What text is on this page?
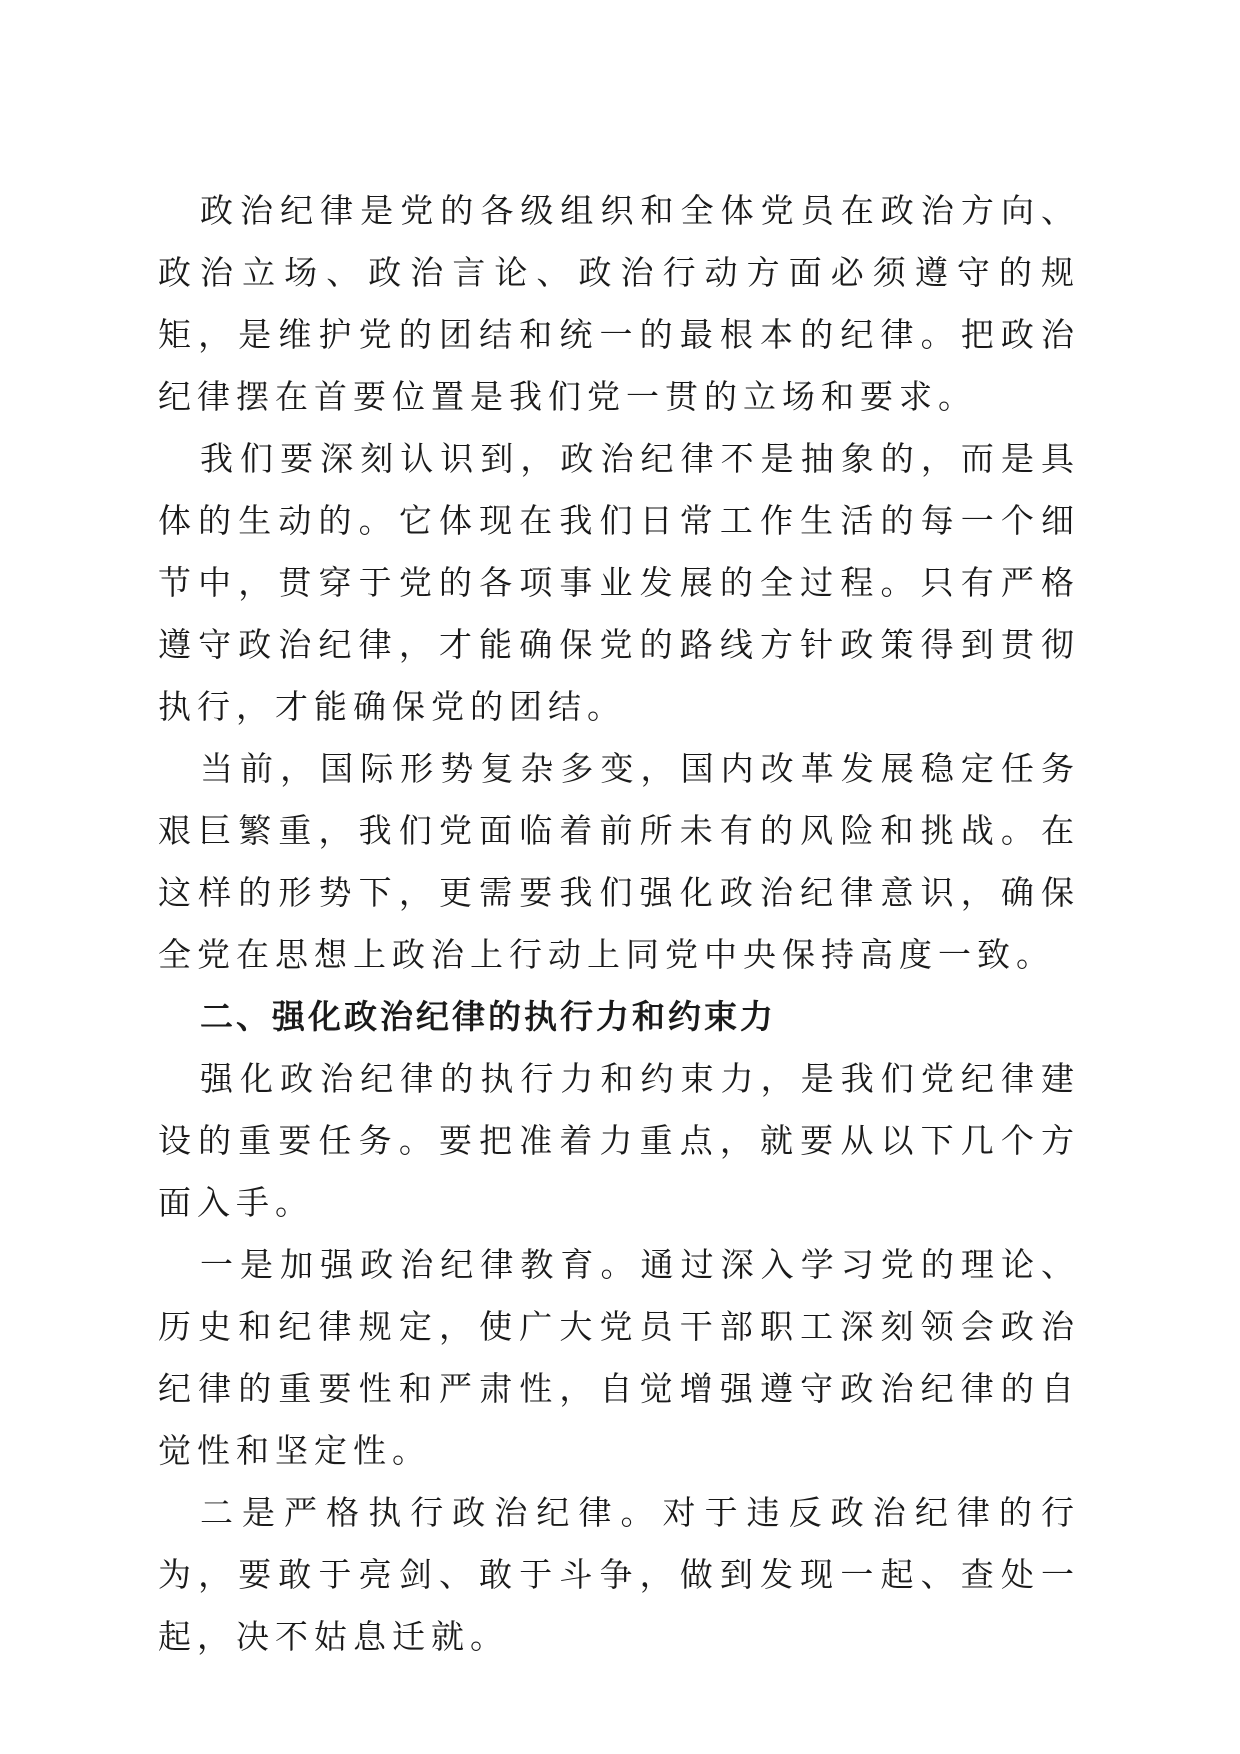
政治纪律是党的各级组织和全体党员在政治方向、政治立场、政治言论、政治行动方面必须遵守的规矩，是维护党的团结和统一的最根本的纪律。把政治纪律摆在首要位置是我们党一贯的立场和要求。

我们要深刻认识到，政治纪律不是抽象的，而是具体的生动的。它体现在我们日常工作生活的每一个细节中，贯穿于党的各项事业发展的全过程。只有严格遵守政治纪律，才能确保党的路线方针政策得到贯彻执行，才能确保党的团结。

当前，国际形势复杂多变，国内改革发展稳定任务艰巨繁重，我们党面临着前所未有的风险和挑战。在这样的形势下，更需要我们强化政治纪律意识，确保全党在思想上政治上行动上同党中央保持高度一致。

二、强化政治纪律的执行力和约束力

强化政治纪律的执行力和约束力，是我们党纪律建设的重要任务。要把准着力重点，就要从以下几个方面入手。

一是加强政治纪律教育。通过深入学习党的理论、历史和纪律规定，使广大党员干部职工深刻领会政治纪律的重要性和严肃性，自觉增强遵守政治纪律的自觉性和坚定性。

二是严格执行政治纪律。对于违反政治纪律的行为，要敢于亮剑、敢于斗争，做到发现一起、查处一起，决不姑息迁就。
